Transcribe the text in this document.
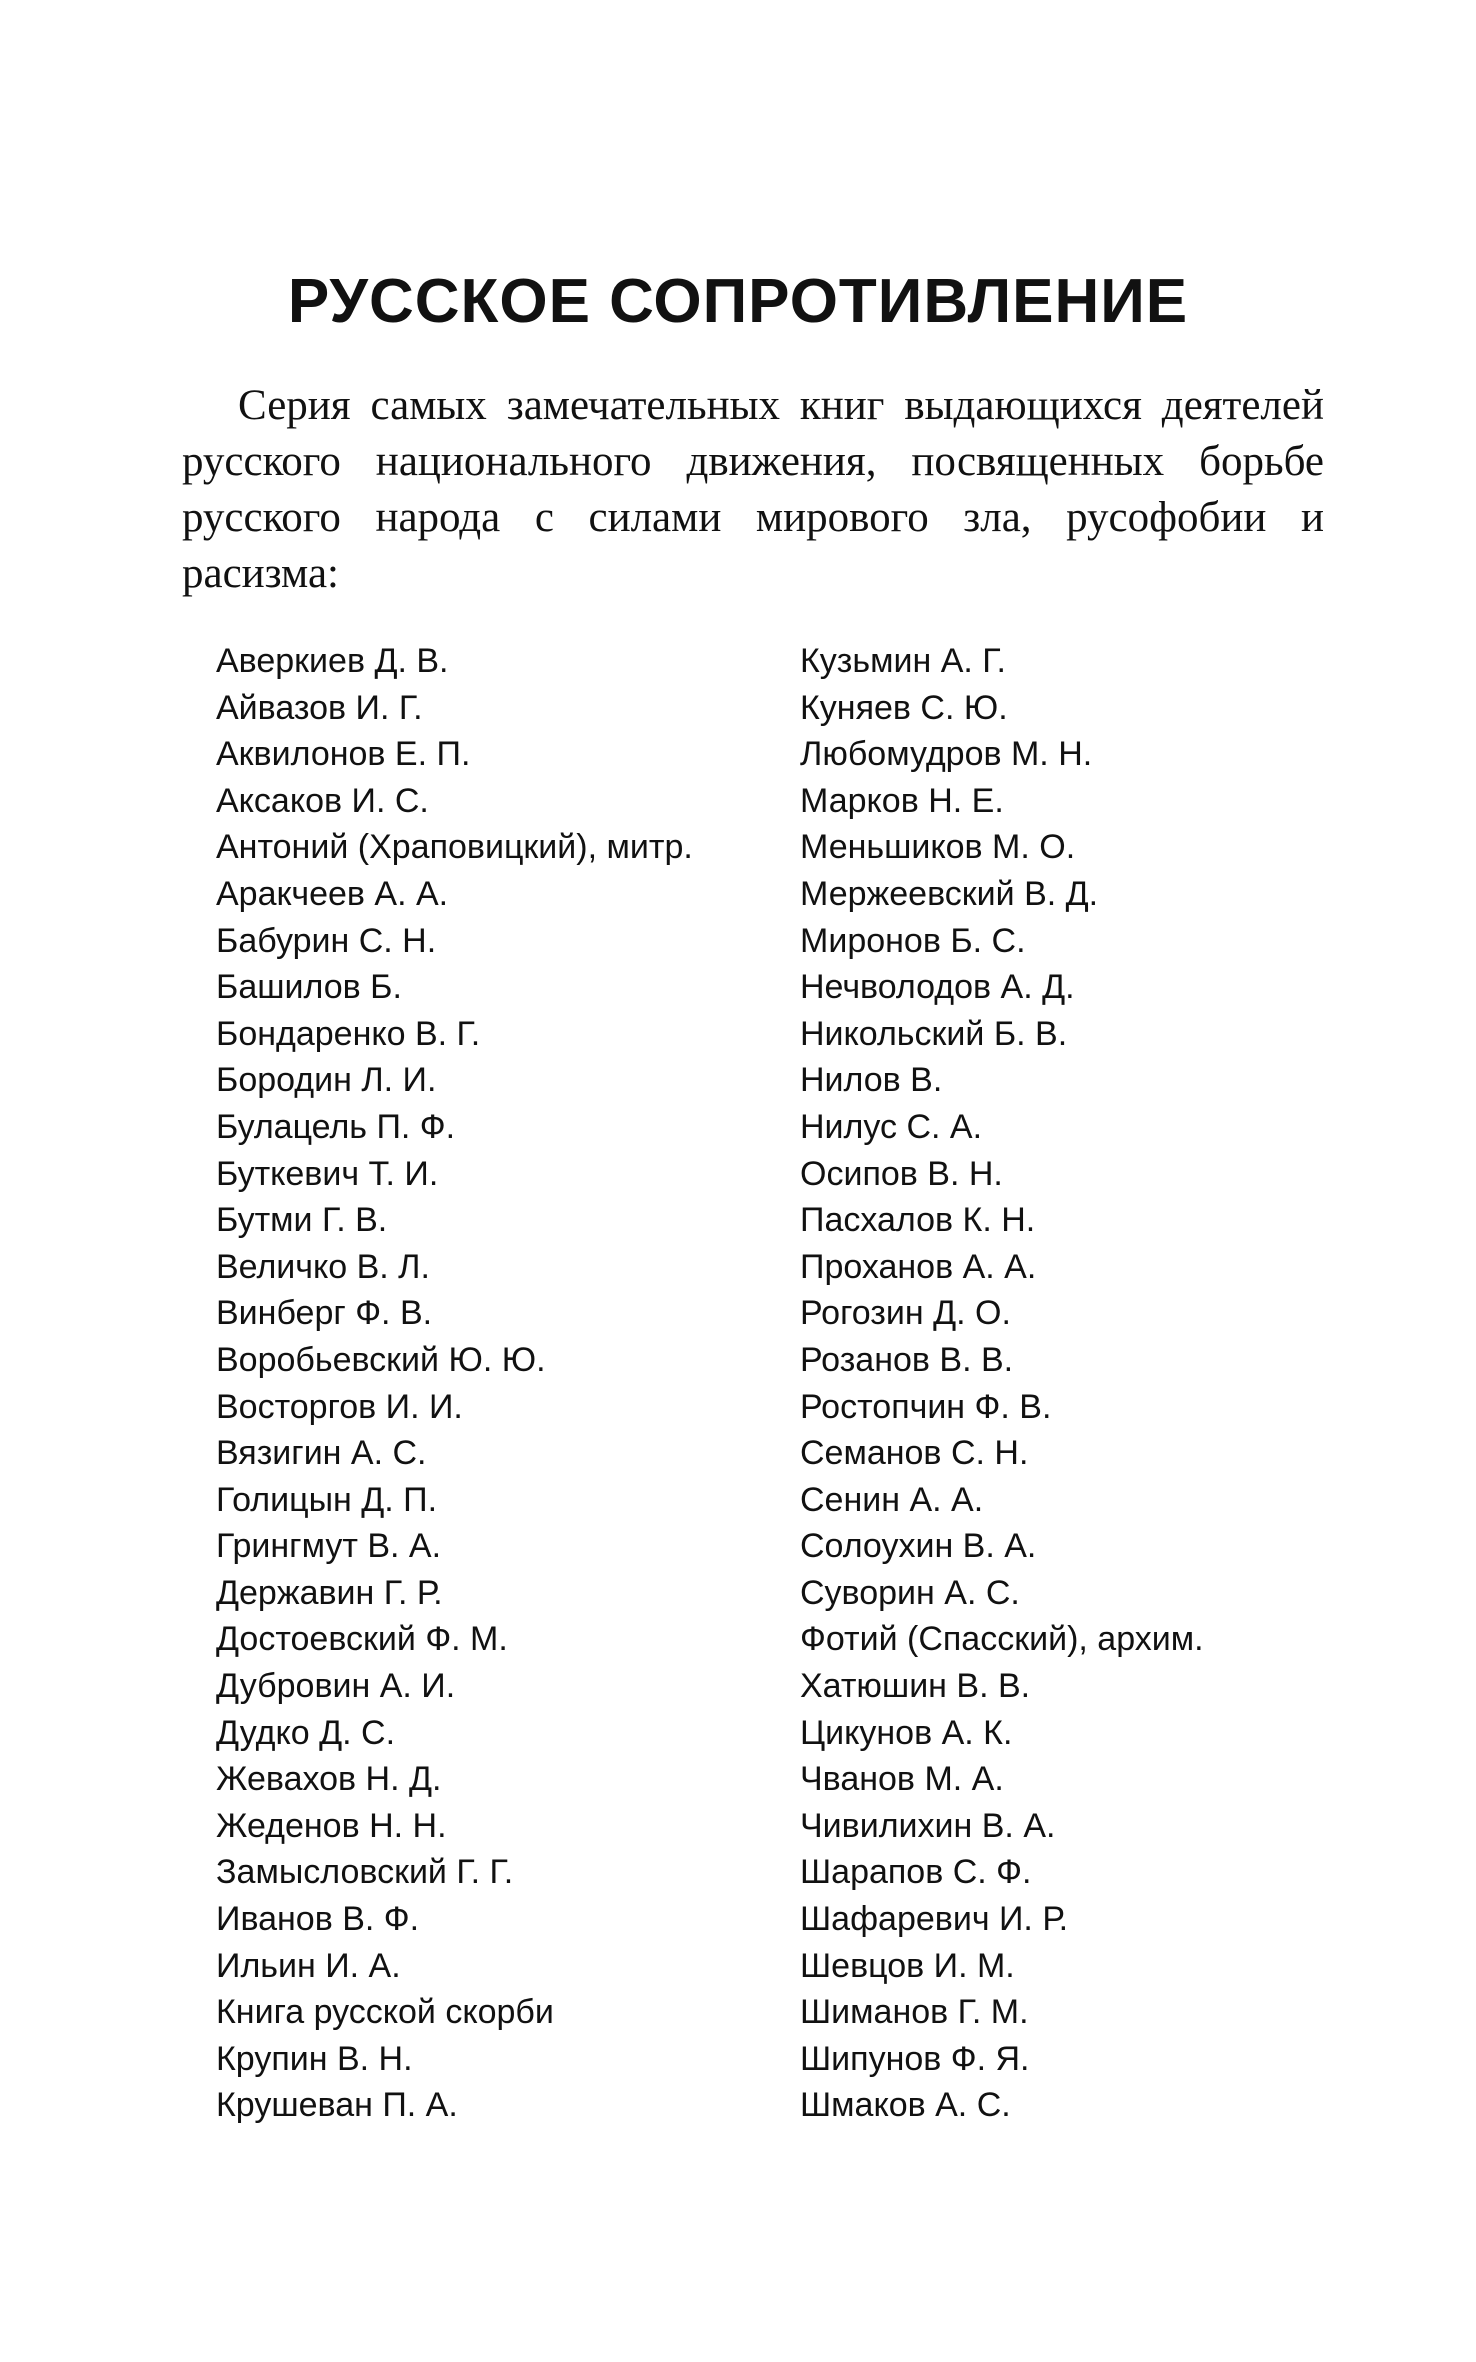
РУССКОЕ СОПРОТИВЛЕНИЕ

Серия самых замечательных книг выдающихся деятелей русского национального движения, посвященных борьбе русского народа с силами мирового зла, русофобии и расизма:

Аверкиев Д. В.
Айвазов И. Г.
Аквилонов Е. П.
Аксаков И. С.
Антоний (Храповицкий), митр.
Аракчеев А. А.
Бабурин С. Н.
Башилов Б.
Бондаренко В. Г.
Бородин Л. И.
Булацель П. Ф.
Буткевич Т. И.
Бутми Г. В.
Величко В. Л.
Винберг Ф. В.
Воробьевский Ю. Ю.
Восторгов И. И.
Вязигин А. С.
Голицын Д. П.
Грингмут В. А.
Державин Г. Р.
Достоевский Ф. М.
Дубровин А. И.
Дудко Д. С.
Жевахов Н. Д.
Жеденов Н. Н.
Замысловский Г. Г.
Иванов В. Ф.
Ильин И. А.
Книга русской скорби
Крупин В. Н.
Крушеван П. А.
Кузьмин А. Г.
Куняев С. Ю.
Любомудров М. Н.
Марков Н. Е.
Меньшиков М. О.
Мержеевский В. Д.
Миронов Б. С.
Нечволодов А. Д.
Никольский Б. В.
Нилов В.
Нилус С. А.
Осипов В. Н.
Пасхалов К. Н.
Проханов А. А.
Рогозин Д. О.
Розанов В. В.
Ростопчин Ф. В.
Семанов С. Н.
Сенин А. А.
Солоухин В. А.
Суворин А. С.
Фотий (Спасский), архим.
Хатюшин В. В.
Цикунов А. К.
Чванов М. А.
Чивилихин В. А.
Шарапов С. Ф.
Шафаревич И. Р.
Шевцов И. М.
Шиманов Г. М.
Шипунов Ф. Я.
Шмаков А. С.
